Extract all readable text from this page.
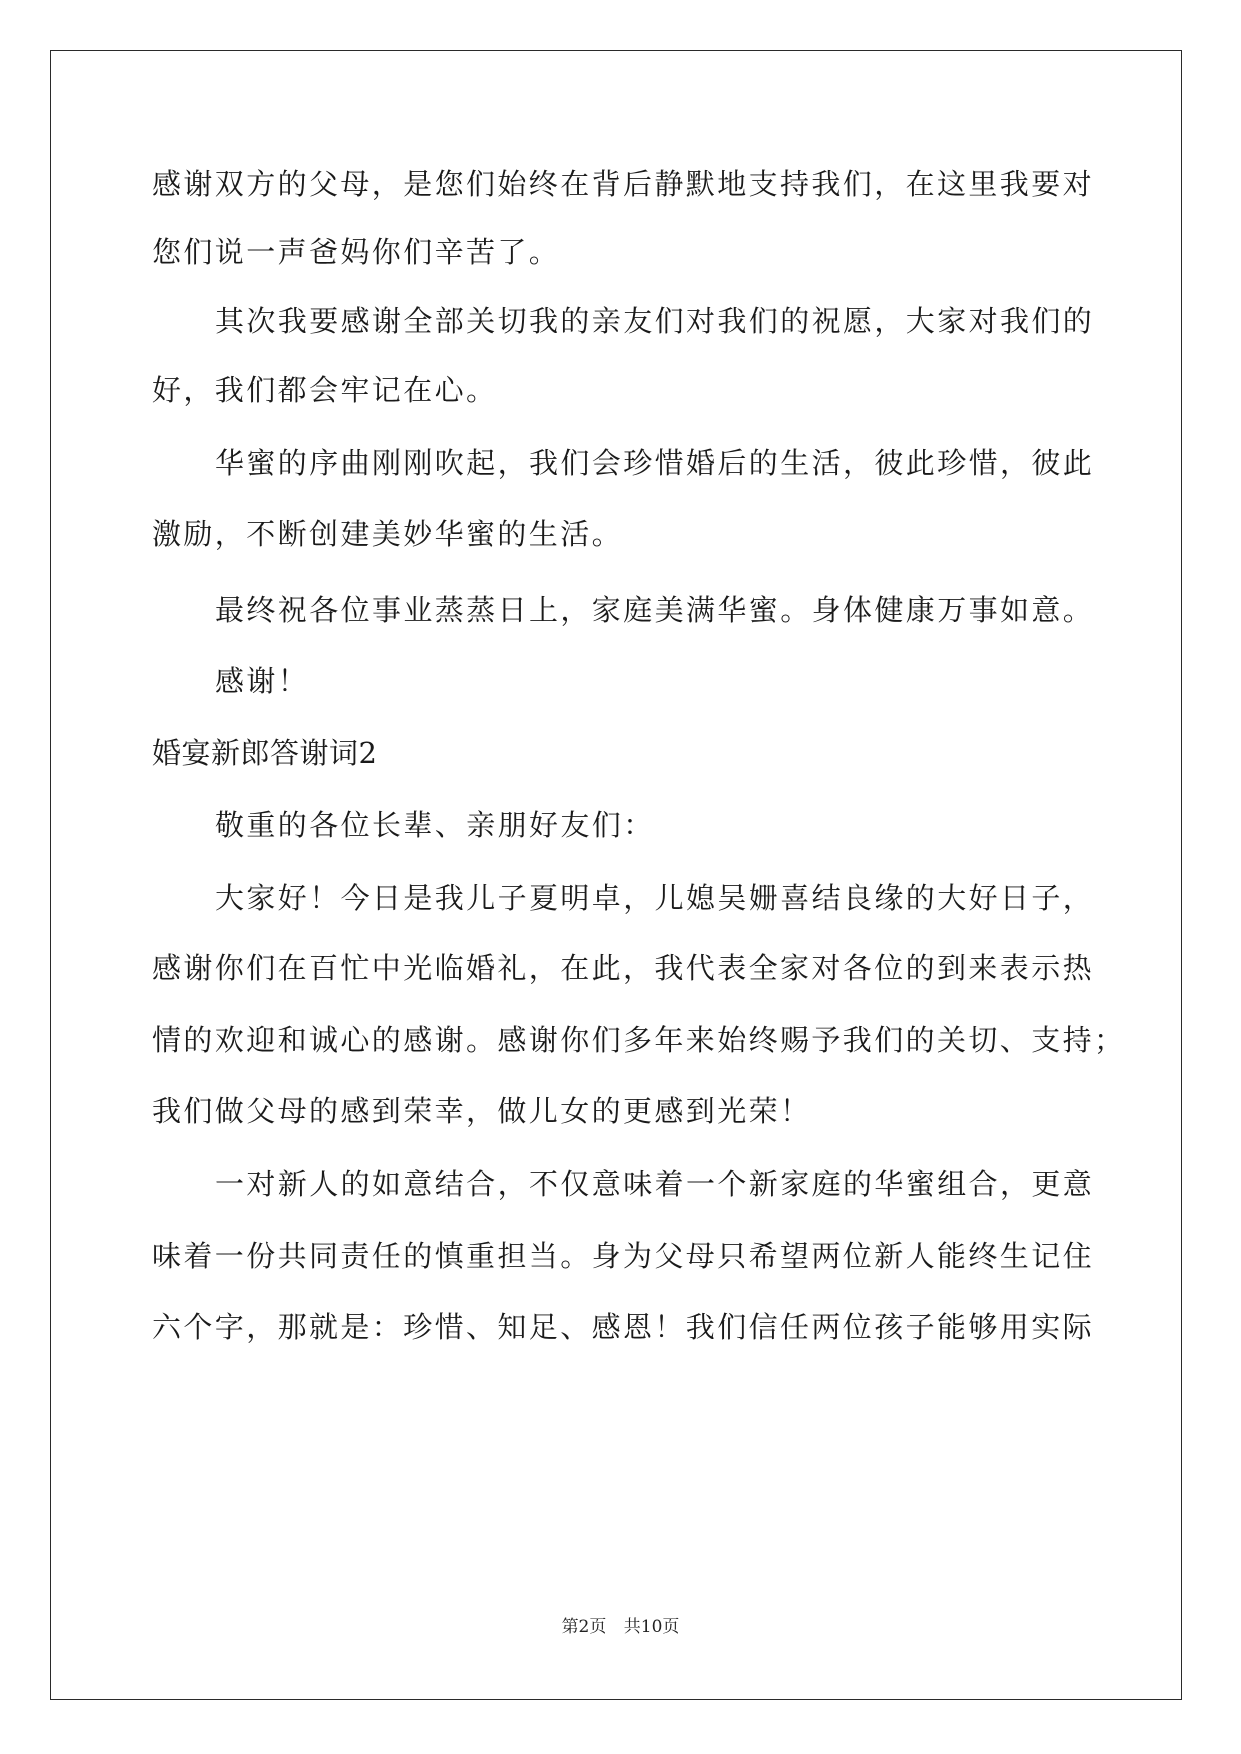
感谢双方的父母，是您们始终在背后静默地支持我们，在这里我要对
您们说一声爸妈你们辛苦了。
其次我要感谢全部关切我的亲友们对我们的祝愿，大家对我们的
好，我们都会牢记在心。
华蜜的序曲刚刚吹起，我们会珍惜婚后的生活，彼此珍惜，彼此
激励，不断创建美妙华蜜的生活。
最终祝各位事业蒸蒸日上，家庭美满华蜜。身体健康万事如意。
感谢！
婚宴新郎答谢词2
敬重的各位长辈、亲朋好友们：
大家好！今日是我儿子夏明卓，儿媳吴姗喜结良缘的大好日子，
感谢你们在百忙中光临婚礼，在此，我代表全家对各位的到来表示热
情的欢迎和诚心的感谢。感谢你们多年来始终赐予我们的关切、支持；
我们做父母的感到荣幸，做儿女的更感到光荣！
一对新人的如意结合，不仅意味着一个新家庭的华蜜组合，更意
味着一份共同责任的慎重担当。身为父母只希望两位新人能终生记住
六个字，那就是：珍惜、知足、感恩！我们信任两位孩子能够用实际
第2页 共10页
